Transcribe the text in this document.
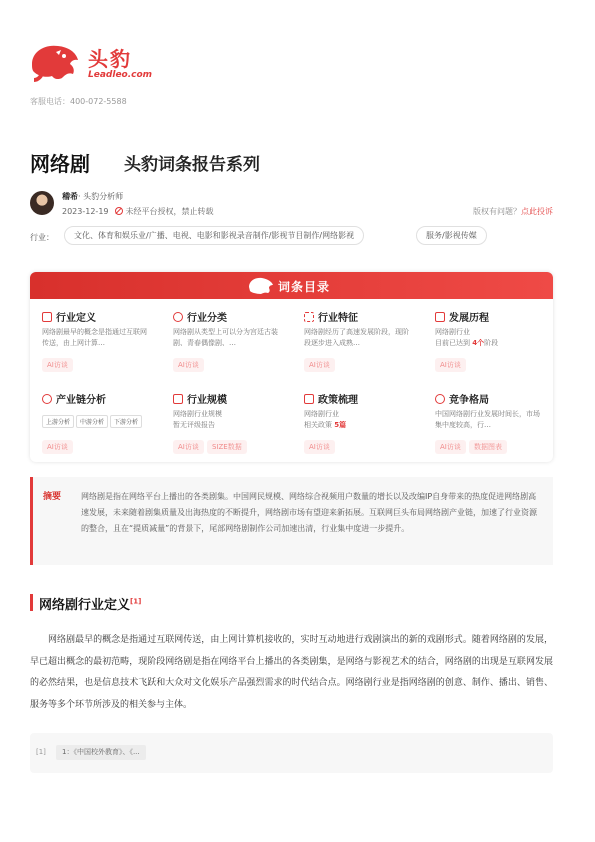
头豹
Leadleo.com
客服电话：400-072-5588
网络剧 头豹词条报告系列
稽希· 头豹分析师
2023-12-19 未经平台授权，禁止转载	版权有问题？点此投诉
行业：	文化、体育和娱乐业/广播、电视、电影和影视录音制作/影视节目制作/网络影视	服务/影视传媒
词条目录
行业定义
网络剧最早的概念是指通过互联网传送，由上网计算…
AI访谈
行业分类
网络剧从类型上可以分为宫廷古装剧、青春偶像剧、…
AI访谈
行业特征
网络剧经历了高速发展阶段，现阶段逐步进入成熟…
AI访谈
发展历程
网络剧行业
目前已达到 4个阶段
AI访谈
产业链分析
上游分析 中游分析 下游分析
AI访谈
行业规模
网络剧行业规模
暂无评级报告
AI访谈	SIZE数据
政策梳理
网络剧行业
相关政策 5篇
AI访谈
竞争格局
中国网络剧行业发展时间长，市场集中度较高，行…
AI访谈	数据图表
摘要 网络剧是指在网络平台上播出的各类剧集。中国网民规模、网络综合视频用户数量的增长以及改编IP自身带来的热度促进网络剧高速发展，未来随着剧集质量及出海热度的不断提升，网络剧市场有望迎来新拓展。互联网巨头布局网络剧产业链，加速了行业资源的整合，且在“提质减量”的背景下，尾部网络剧制作公司加速出清，行业集中度进一步提升。
网络剧行业定义[1]
网络剧最早的概念是指通过互联网传送，由上网计算机接收的，实时互动地进行戏剧演出的新的戏剧形式。随着网络剧的发展，早已超出概念的最初范畴，现阶段网络剧是指在网络平台上播出的各类剧集，是网络与影视艺术的结合，网络剧的出现是互联网发展的必然结果，也是信息技术飞跃和大众对文化娱乐产品强烈需求的时代结合点。网络剧行业是指网络剧的创意、制作、播出、销售、服务等多个环节所涉及的相关参与主体。
[1]	1：《中国校外教育》、《...
